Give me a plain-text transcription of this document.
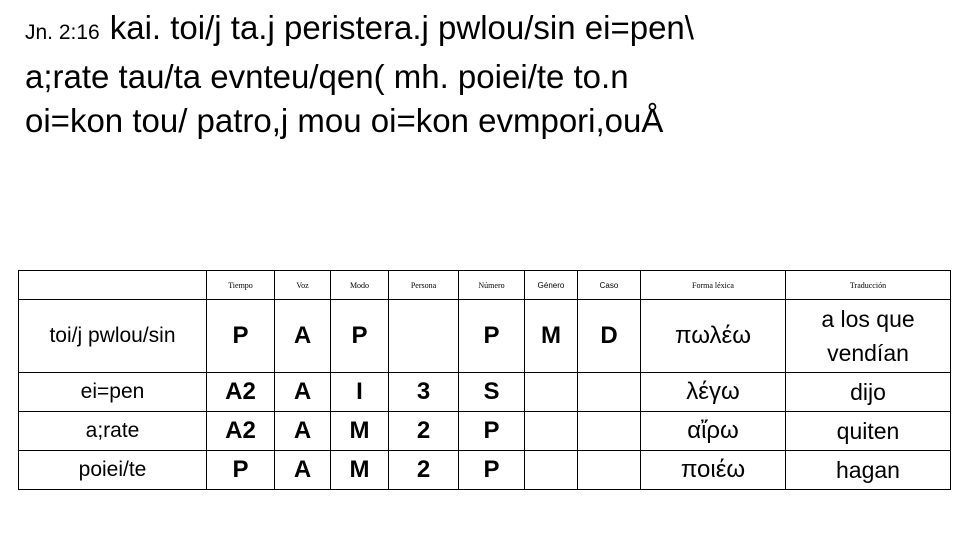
Jn. 2:16 kai. toi/j ta.j peristera.j pwlou/sin ei=pen\
a;rate tau/ta evnteu/qen( mh. poiei/te to.n
oi=kon tou/ patro,j mou oi=kon evmpori,ouÅ
	Tiempo	Voz	Modo	Persona	Número	Género	Caso	Forma léxica	Traducción
toi/j pwlou/sin	P	A	P		P	M	D	πωλέω	a los que vendían
ei=pen	A2	A	I	3	S			λέγω	dijo
a;rate	A2	A	M	2	P			αἴρω	quiten
poiei/te	P	A	M	2	P			ποιέω	hagan
